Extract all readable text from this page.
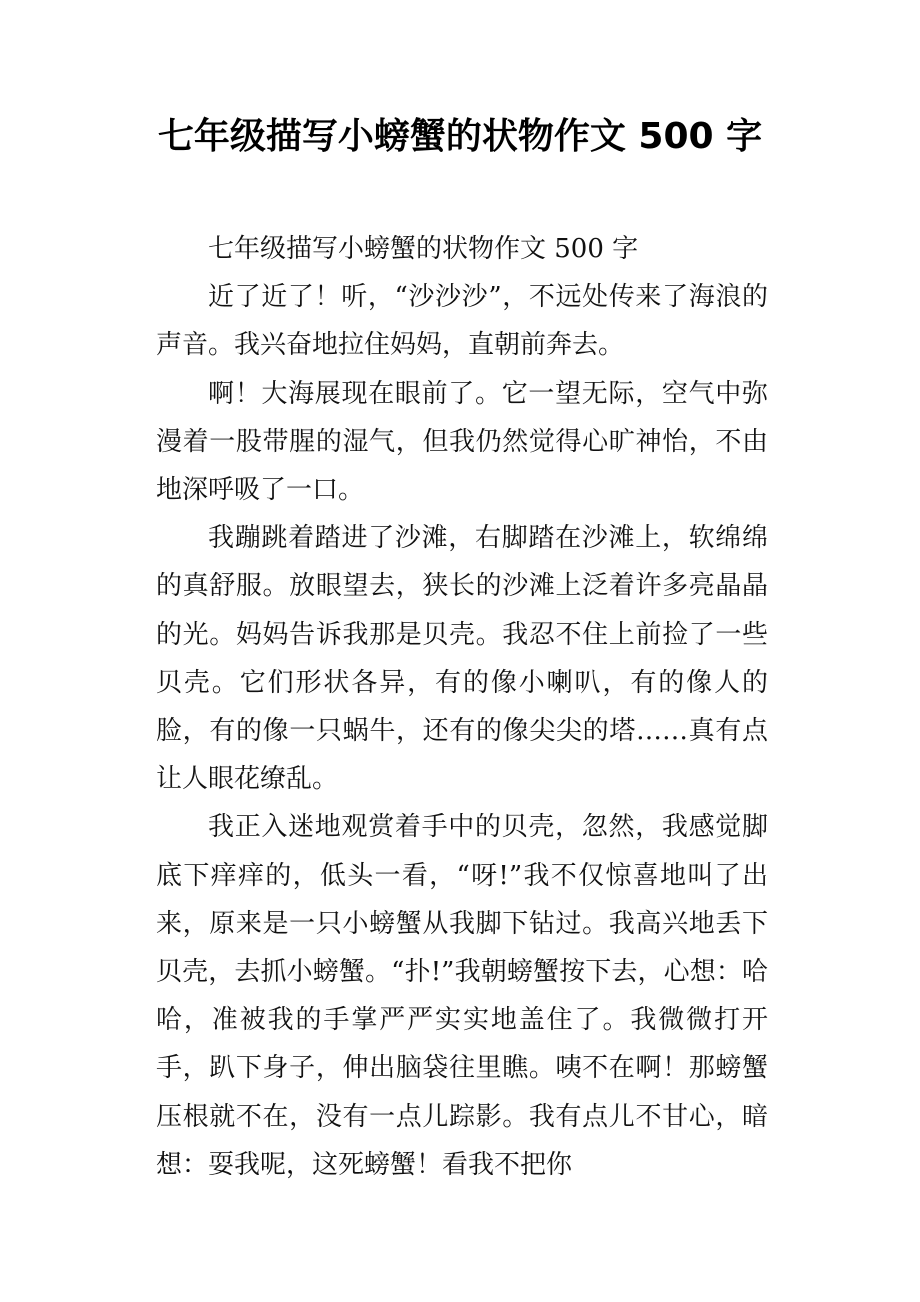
七年级描写小螃蟹的状物作文 500 字

七年级描写小螃蟹的状物作文 500 字

近了近了！听，“沙沙沙”，不远处传来了海浪的声音。我兴奋地拉住妈妈，直朝前奔去。

啊！大海展现在眼前了。它一望无际，空气中弥漫着一股带腥的湿气，但我仍然觉得心旷神怡，不由地深呼吸了一口。

我蹦跳着踏进了沙滩，右脚踏在沙滩上，软绵绵的真舒服。放眼望去，狭长的沙滩上泛着许多亮晶晶的光。妈妈告诉我那是贝壳。我忍不住上前捡了一些贝壳。它们形状各异，有的像小喇叭，有的像人的脸，有的像一只蜗牛，还有的像尖尖的塔……真有点让人眼花缭乱。

我正入迷地观赏着手中的贝壳，忽然，我感觉脚底下痒痒的，低头一看，“呀!”我不仅惊喜地叫了出来，原来是一只小螃蟹从我脚下钻过。我高兴地丢下贝壳，去抓小螃蟹。“扑!”我朝螃蟹按下去，心想：哈哈，准被我的手掌严严实实地盖住了。我微微打开手，趴下身子，伸出脑袋往里瞧。咦不在啊！那螃蟹压根就不在，没有一点儿踪影。我有点儿不甘心，暗想：耍我呢，这死螃蟹！看我不把你
